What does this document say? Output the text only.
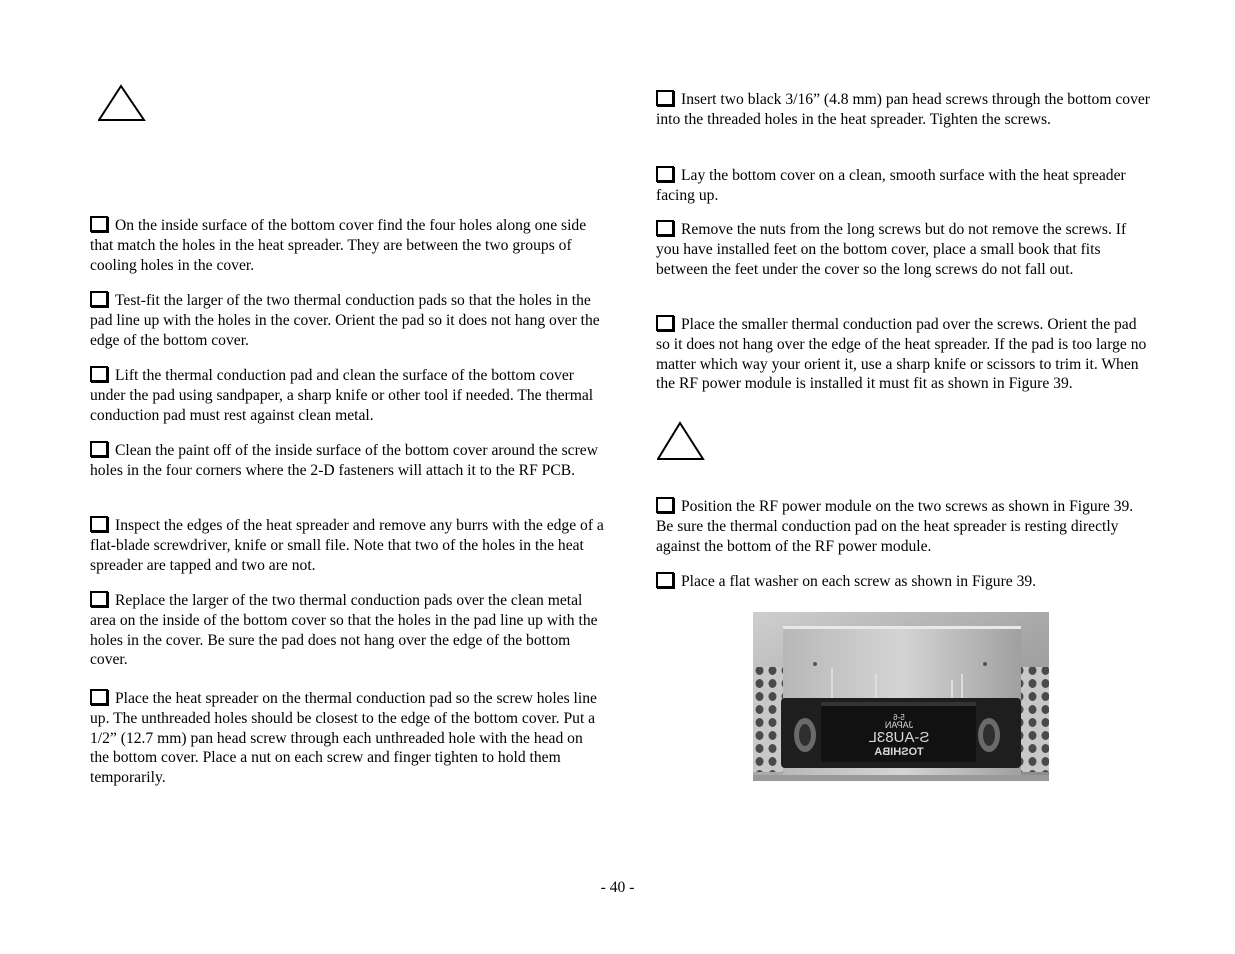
On the inside surface of the bottom cover find the four holes along one side that match the holes in the heat spreader. They are between the two groups of cooling holes in the cover.

Test-fit the larger of the two thermal conduction pads so that the holes in the pad line up with the holes in the cover. Orient the pad so it does not hang over the edge of the bottom cover.

Lift the thermal conduction pad and clean the surface of the bottom cover under the pad using sandpaper, a sharp knife or other tool if needed. The thermal conduction pad must rest against clean metal.

Clean the paint off of the inside surface of the bottom cover around the screw holes in the four corners where the 2-D fasteners will attach it to the RF PCB.

Inspect the edges of the heat spreader and remove any burrs with the edge of a flat-blade screwdriver, knife or small file. Note that two of the holes in the heat spreader are tapped and two are not.

Replace the larger of the two thermal conduction pads over the clean metal area on the inside of the bottom cover so that the holes in the pad line up with the holes in the cover. Be sure the pad does not hang over the edge of the bottom cover.

Place the heat spreader on the thermal conduction pad so the screw holes line up. The unthreaded holes should be closest to the edge of the bottom cover. Put a 1/2” (12.7 mm) pan head screw through each unthreaded hole with the head on the bottom cover. Place a nut on each screw and finger tighten to hold them temporarily.

Insert two black 3/16” (4.8 mm) pan head screws through the bottom cover into the threaded holes in the heat spreader. Tighten the screws.

Lay the bottom cover on a clean, smooth surface with the heat spreader facing up.

Remove the nuts from the long screws but do not remove the screws. If you have installed feet on the bottom cover, place a small book that fits between the feet under the cover so the long screws do not fall out.

Place the smaller thermal conduction pad over the screws. Orient the pad so it does not hang over the edge of the heat spreader. If the pad is too large no matter which way your orient it, use a sharp knife or scissors to trim it. When the RF power module is installed it must fit as shown in Figure 39.

Position the RF power module on the two screws as shown in Figure 39. Be sure the thermal conduction pad on the heat spreader is resting directly against the bottom of the RF power module.

Place a flat washer on each screw as shown in Figure 39.

5-6
JAPAN
S-AU83L
TOSHIBA
- 40 -
